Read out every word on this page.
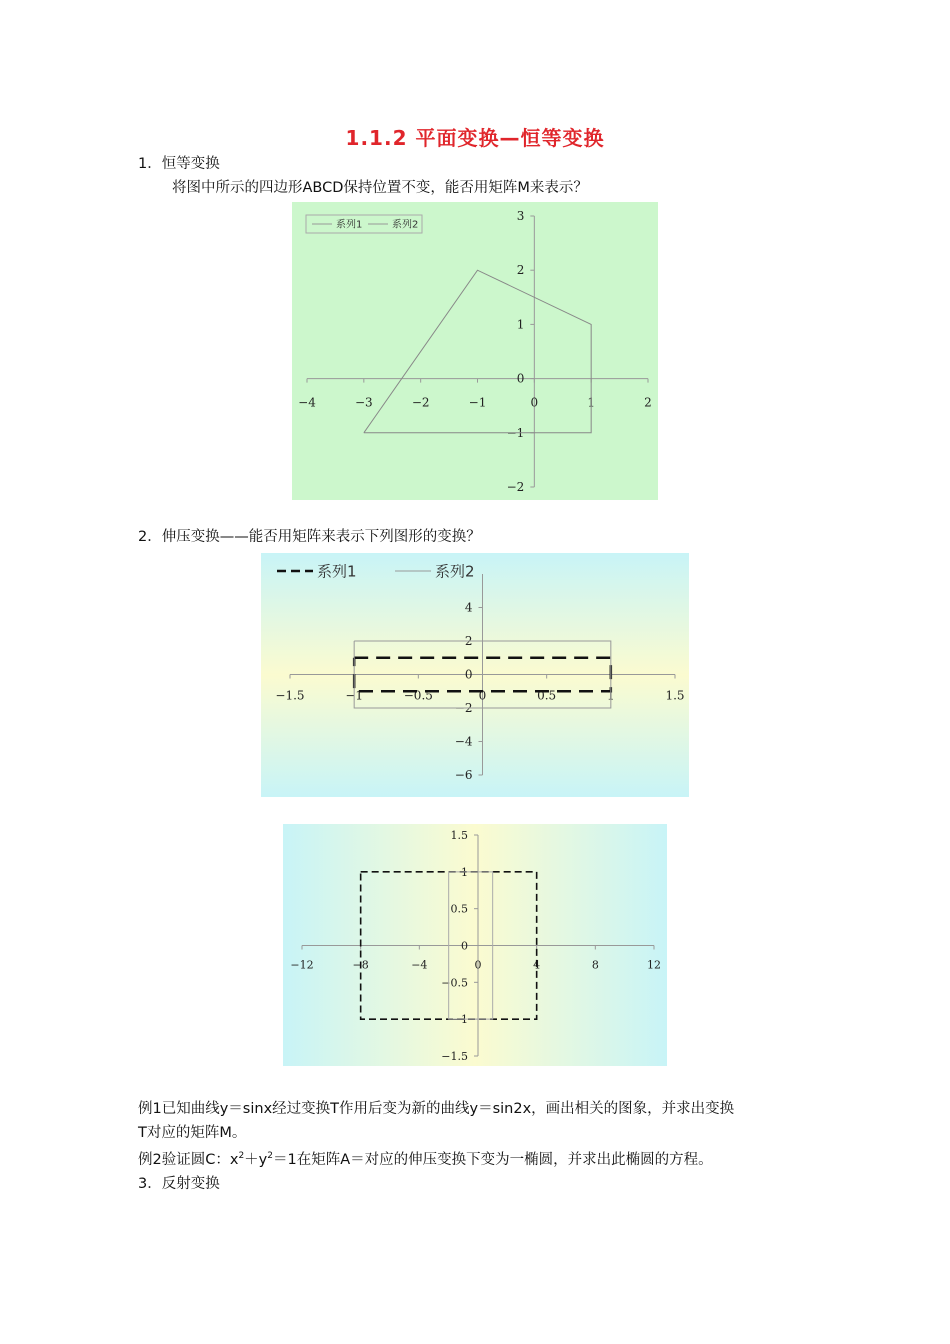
1.1.2 平面变换—恒等变换
1．恒等变换
将图中所示的四边形ABCD保持位置不变，能否用矩阵M来表示？
−4	−3	−2	−1	0	1	2
3
2
1
0
−1
−2
系列1	系列2
2．伸压变换——能否用矩阵来表示下列图形的变换？
−1.5	−1	−0.5	0	0.5	1	1.5
4
2
0
−2
−4
−6
系列1	系列2
−12	−8	−4	0	4	8	12
1.5
1
0.5
0
−0.5
−1
−1.5
例1已知曲线y＝sinx经过变换T作用后变为新的曲线y＝sin2x，画出相关的图象，并求出变换
T对应的矩阵M。
例2验证圆C：$x^2+y^2=1$在矩阵A＝对应的伸压变换下变为一椭圆，并求出此椭圆的方程。
3．反射变换
